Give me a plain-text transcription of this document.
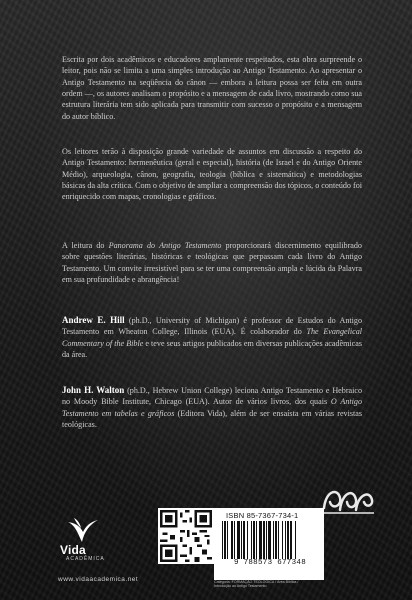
Escrita por dois acadêmicos e educadores amplamente respeitados, esta obra surpreende o leitor, pois não se limita a uma simples introdução ao Antigo Testamento. Ao apresentar o Antigo Testamento na seqüência do cânon — embora a leitura possa ser feita em outra ordem —, os autores analisam o propósito e a mensagem de cada livro, mostrando como sua estrutura literária tem sido aplicada para transmitir com sucesso o propósito e a mensagem do autor bíblico.

Os leitores terão à disposição grande variedade de assuntos em discussão a respeito do Antigo Testamento: hermenêutica (geral e especial), história (de Israel e do Antigo Oriente Médio), arqueologia, cânon, geografia, teologia (bíblica e sistemática) e metodologias básicas da alta crítica. Com o objetivo de ampliar a compreensão dos tópicos, o conteúdo foi enriquecido com mapas, cronologias e gráficos.

A leitura do Panorama do Antigo Testamento proporcionará discernimento equilibrado sobre questões literárias, históricas e teológicas que perpassam cada livro do Antigo Testamento. Um convite irresistível para se ter uma compreensão ampla e lúcida da Palavra em sua profundidade e abrangência!

Andrew E. Hill (ph.D., University of Michigan) é professor de Estudos do Antigo Testamento em Wheaton College, Illinois (EUA). É colaborador do The Evangelical Commentary of the Bible e teve seus artigos publicados em diversas publicações acadêmicas da área.

John H. Walton (ph.D., Hebrew Union College) leciona Antigo Testamento e Hebraico no Moody Bible Institute, Chicago (EUA). Autor de vários livros, dos quais O Antigo Testamento em tabelas e gráficos (Editora Vida), além de ser ensaísta em várias revistas teológicas.

Vida
ACADÊMICA
www.vidaacademica.net
ISBN 85-7367-734-1
9 788573 677348
Categoria: FORMAÇÃO TEOLÓGICA / Área Bíblica / Introdução ao Antigo Testamento
